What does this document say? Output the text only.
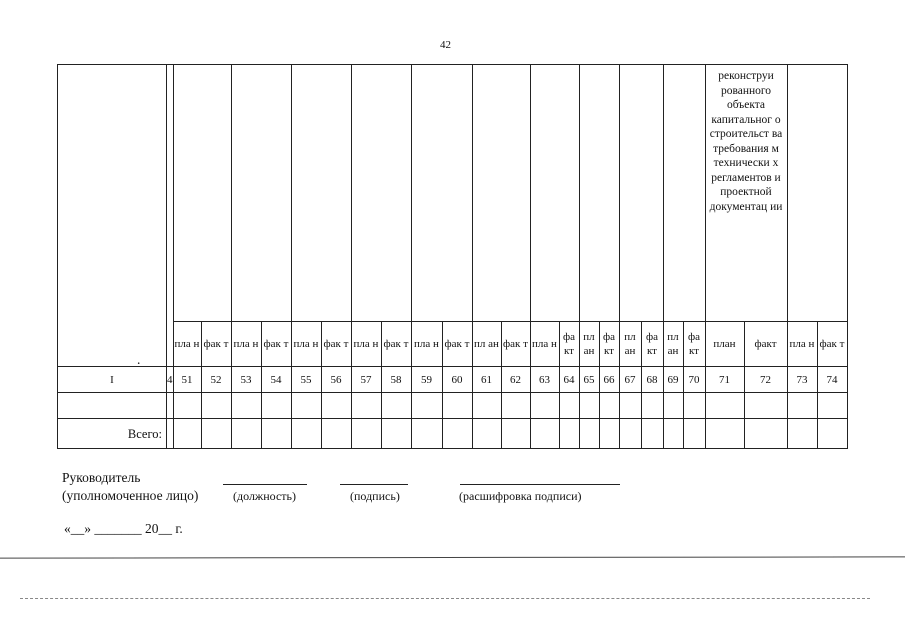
42
																						реконструи рованного объекта капитальног о строительст ва требования м технически х регламентов и проектной документац ии			
		пла н	фак т	пла н	фак т	пла н	фак т	пла н	фак т	пла н	фак т	пл ан	фак т	пла н	фа кт	пл ан	фа кт	пл ан	фа кт	пл ан	фа кт	план	факт	пла н	фак т
I	4	51	52	53	54	55	56	57	58	59	60	61	62	63	64	65	66	67	68	69	70	71	72	73	74

Всего:																									
.
Руководитель
(уполномоченное лицо)	(должность)	(подпись)	(расшифровка подписи)
«__» _______ 20__ г.
